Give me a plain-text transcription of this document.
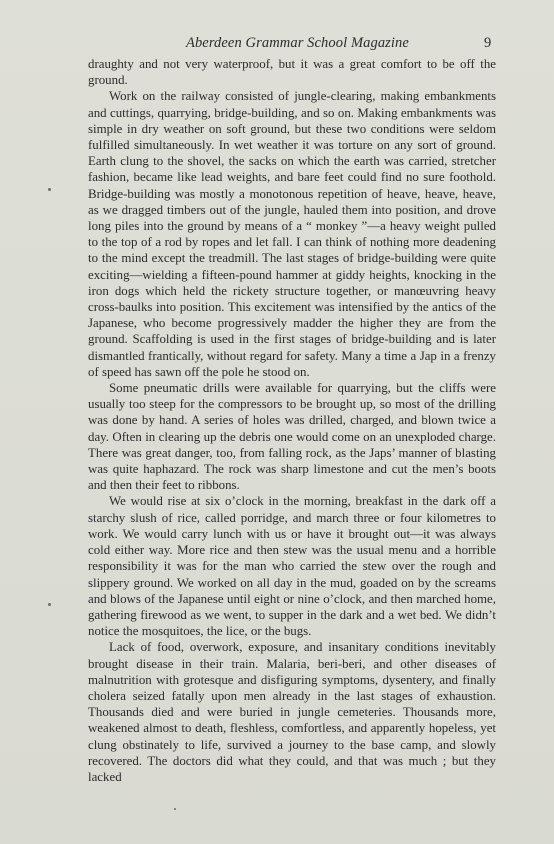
Aberdeen Grammar School Magazine	9

draughty and not very waterproof, but it was a great comfort to be off the ground.

Work on the railway consisted of jungle-clearing, making embankments and cuttings, quarrying, bridge-building, and so on. Making embankments was simple in dry weather on soft ground, but these two conditions were seldom fulfilled simultaneously. In wet weather it was torture on any sort of ground. Earth clung to the shovel, the sacks on which the earth was carried, stretcher fashion, became like lead weights, and bare feet could find no sure foothold. Bridge-building was mostly a monotonous repetition of heave, heave, heave, as we dragged timbers out of the jungle, hauled them into position, and drove long piles into the ground by means of a “ monkey ”—a heavy weight pulled to the top of a rod by ropes and let fall. I can think of nothing more deadening to the mind except the treadmill. The last stages of bridge-building were quite exciting—wielding a fifteen-pound hammer at giddy heights, knocking in the iron dogs which held the rickety structure together, or manœuvring heavy cross-baulks into position. This excitement was intensified by the antics of the Japanese, who become progressively madder the higher they are from the ground. Scaffolding is used in the first stages of bridge-building and is later dismantled frantically, without regard for safety. Many a time a Jap in a frenzy of speed has sawn off the pole he stood on.

Some pneumatic drills were available for quarrying, but the cliffs were usually too steep for the compressors to be brought up, so most of the drilling was done by hand. A series of holes was drilled, charged, and blown twice a day. Often in clearing up the debris one would come on an unexploded charge. There was great danger, too, from falling rock, as the Japs’ manner of blasting was quite haphazard. The rock was sharp limestone and cut the men’s boots and then their feet to ribbons.

We would rise at six o’clock in the morning, breakfast in the dark off a starchy slush of rice, called porridge, and march three or four kilometres to work. We would carry lunch with us or have it brought out—it was always cold either way. More rice and then stew was the usual menu and a horrible responsibility it was for the man who carried the stew over the rough and slippery ground. We worked on all day in the mud, goaded on by the screams and blows of the Japanese until eight or nine o’clock, and then marched home, gathering firewood as we went, to supper in the dark and a wet bed. We didn’t notice the mosquitoes, the lice, or the bugs.

Lack of food, overwork, exposure, and insanitary conditions inevitably brought disease in their train. Malaria, beri-beri, and other diseases of malnutrition with grotesque and disfiguring symptoms, dysentery, and finally cholera seized fatally upon men already in the last stages of exhaustion. Thousands died and were buried in jungle cemeteries. Thousands more, weakened almost to death, fleshless, comfortless, and apparently hopeless, yet clung obstinately to life, survived a journey to the base camp, and slowly recovered. The doctors did what they could, and that was much ; but they lacked
